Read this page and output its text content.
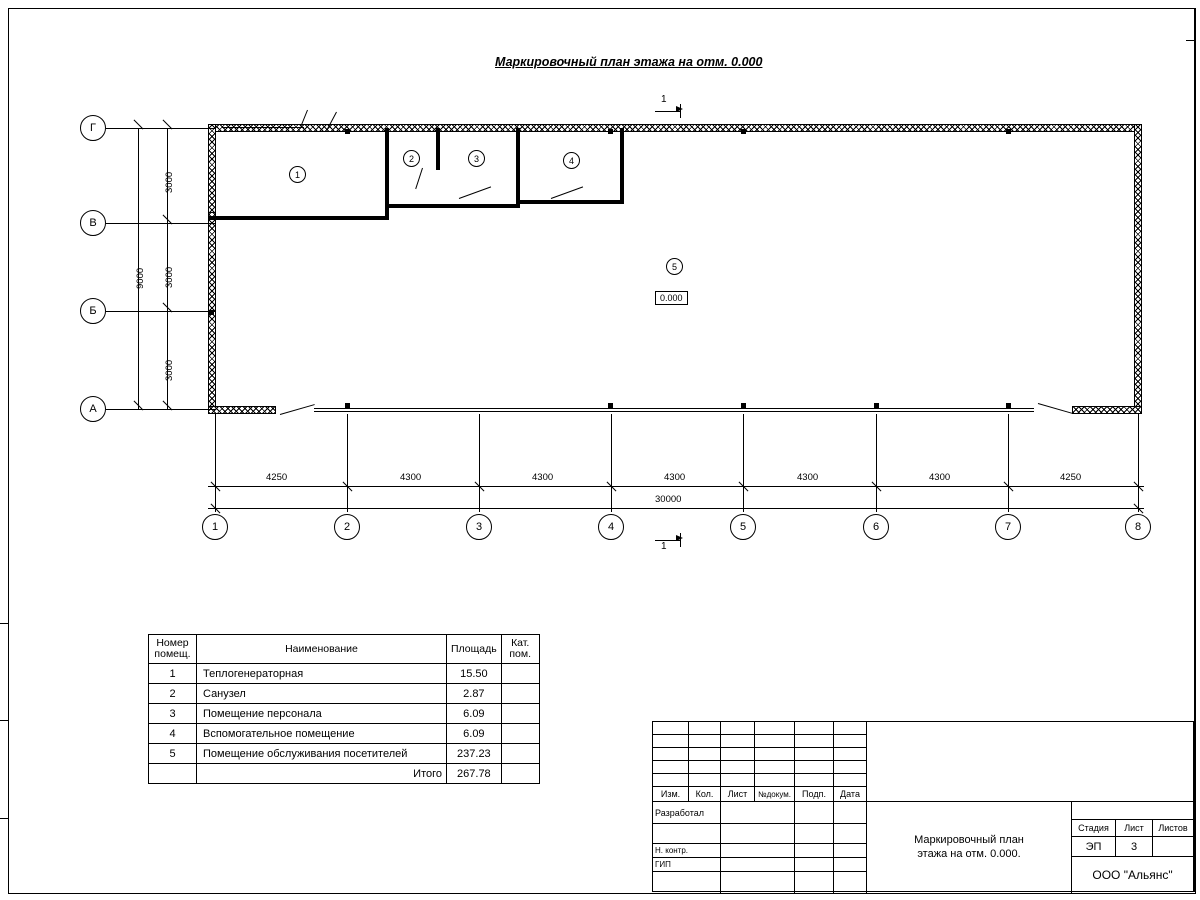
Маркировочный план этажа на отм. 0.000
1
1
1
2	3	4
5
0.000
Г
В
Б
А
3000
3000
3000
9000
4250	4300	4300	4300	4300	4300	4250
30000
1	2	3	4	5	6	7	8
Номер
помещ.	Наименование	Площадь	Кат.
пом.
1	Теплогенераторная	15.50	
2	Санузел	2.87	
3	Помещение персонала	6.09	
4	Вспомогательное помещение	6.09	
5	Помещение обслуживания посетителей	237.23	
	Итого	267.78	
Изм.	Кол.	Лист	№докум.	Подп.	Дата
Разработал
Н. контр.
ГИП
Маркировочный план
этажа на отм. 0.000.
Стадия	Лист	Листов
ЭП	3
ООО "Альянс"
